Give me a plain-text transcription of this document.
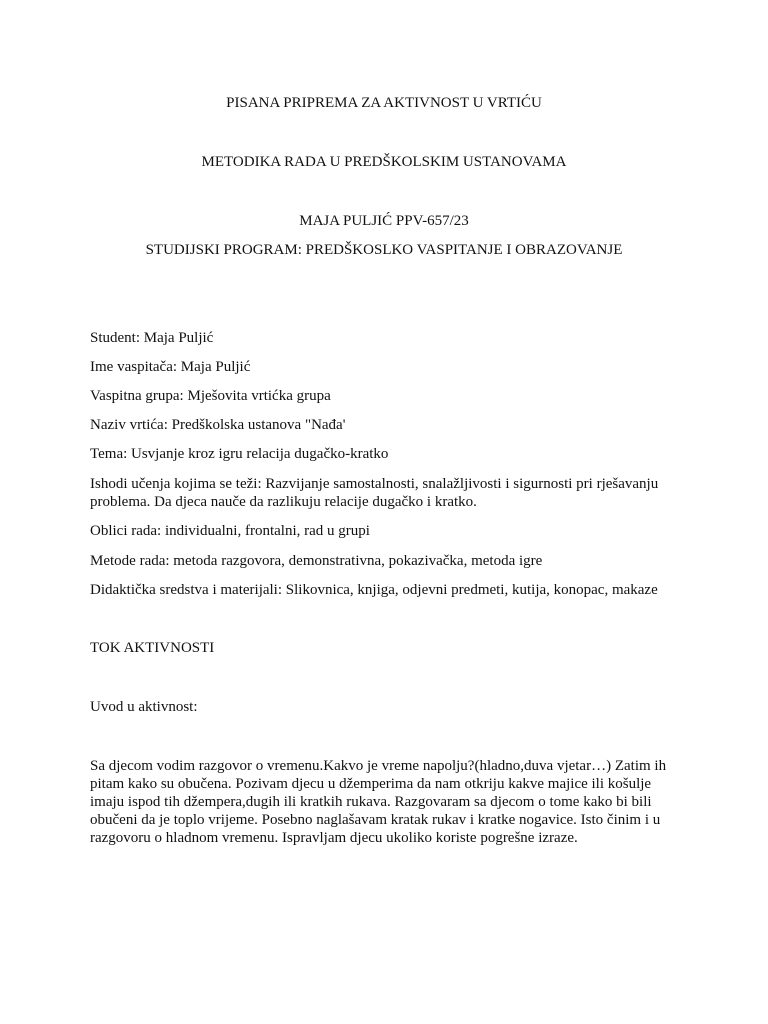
PISANA PRIPREMA ZA AKTIVNOST U VRTIĆU
METODIKA RADA U PREDŠKOLSKIM USTANOVAMA
MAJA PULJIĆ PPV-657/23
STUDIJSKI PROGRAM: PREDŠKOSLKO VASPITANJE I OBRAZOVANJE
Student: Maja Puljić
Ime vaspitača: Maja Puljić
Vaspitna grupa: Mješovita vrtićka grupa
Naziv vrtića: Predškolska ustanova "Nađa'
Tema: Usvjanje kroz igru relacija dugačko-kratko
Ishodi učenja kojima se teži: Razvijanje samostalnosti, snalažljivosti i sigurnosti pri rješavanju
problema. Da djeca nauče da razlikuju relacije dugačko i kratko.
Oblici rada: individualni, frontalni, rad u grupi
Metode rada: metoda razgovora, demonstrativna, pokazivačka, metoda igre
Didaktička sredstva i materijali: Slikovnica, knjiga, odjevni predmeti, kutija, konopac, makaze
TOK AKTIVNOSTI
Uvod u aktivnost:
Sa djecom vodim razgovor o vremenu.Kakvo je vreme napolju?(hladno,duva vjetar…) Zatim ih
pitam kako su obučena. Pozivam djecu u džemperima da nam otkriju kakve majice ili košulje
imaju ispod tih džempera,dugih ili kratkih rukava. Razgovaram sa djecom o tome kako bi bili
obučeni da je toplo vrijeme. Posebno naglašavam kratak rukav i kratke nogavice. Isto činim i u
razgovoru o hladnom vremenu. Ispravljam djecu ukoliko koriste pogrešne izraze.
